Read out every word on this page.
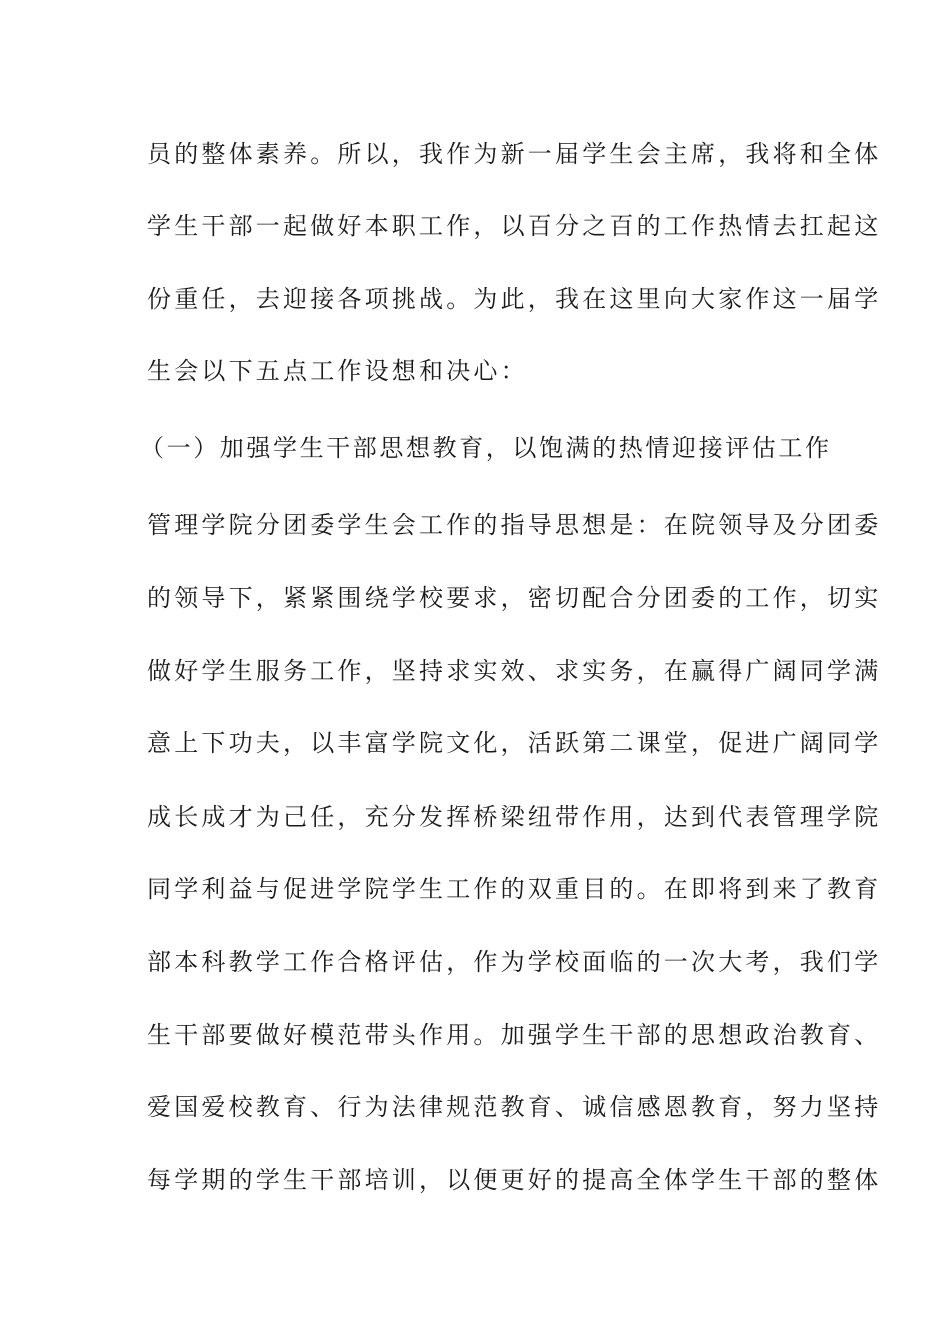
员的整体素养。所以，我作为新一届学生会主席，我将和全体
学生干部一起做好本职工作，以百分之百的工作热情去扛起这
份重任，去迎接各项挑战。为此，我在这里向大家作这一届学
生会以下五点工作设想和决心：
（一）加强学生干部思想教育，以饱满的热情迎接评估工作
管理学院分团委学生会工作的指导思想是：在院领导及分团委
的领导下，紧紧围绕学校要求，密切配合分团委的工作，切实
做好学生服务工作，坚持求实效、求实务，在赢得广阔同学满
意上下功夫，以丰富学院文化，活跃第二课堂，促进广阔同学
成长成才为己任，充分发挥桥梁纽带作用，达到代表管理学院
同学利益与促进学院学生工作的双重目的。在即将到来了教育
部本科教学工作合格评估，作为学校面临的一次大考，我们学
生干部要做好模范带头作用。加强学生干部的思想政治教育、
爱国爱校教育、行为法律规范教育、诚信感恩教育，努力坚持
每学期的学生干部培训，以便更好的提高全体学生干部的整体
